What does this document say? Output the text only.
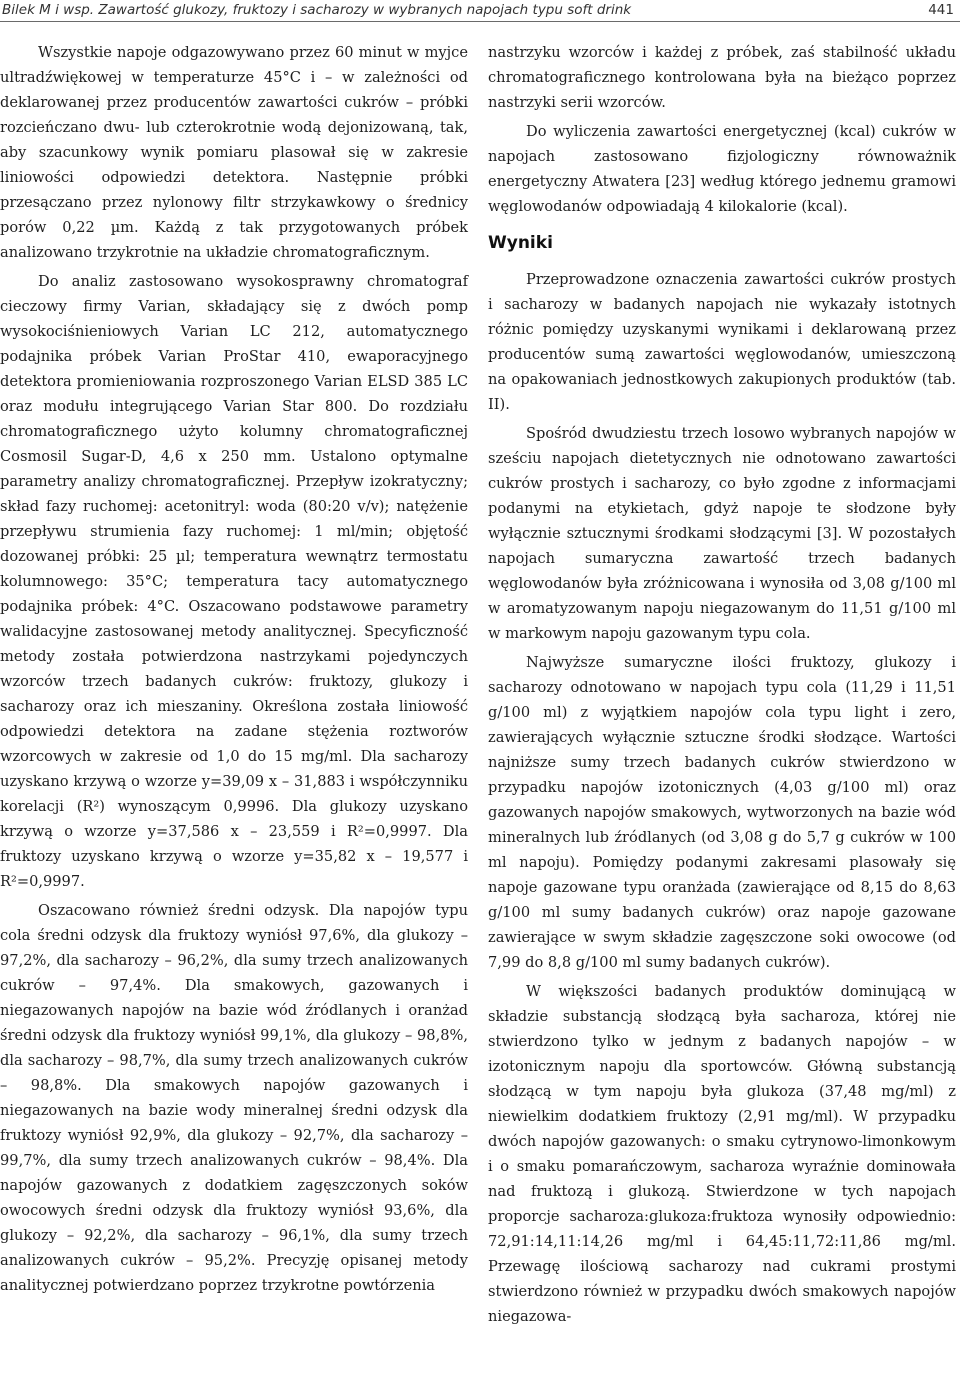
Bilek M i wsp. Zawartość glukozy, fruktozy i sacharozy w wybranych napojach typu soft drink	441

Wszystkie napoje odgazowywano przez 60 minut w myjce ultradźwiękowej w temperaturze 45°C i – w zależności od deklarowanej przez producentów zawartości cukrów – próbki rozcieńczano dwu- lub czterokrotnie wodą dejonizowaną, tak, aby szacunkowy wynik pomiaru plasował się w zakresie liniowości odpowiedzi detektora. Następnie próbki przesączano przez nylonowy filtr strzykawkowy o średnicy porów 0,22 µm. Każdą z tak przygotowanych próbek analizowano trzykrotnie na układzie chromatograficznym.

Do analiz zastosowano wysokosprawny chromatograf cieczowy firmy Varian, składający się z dwóch pomp wysokociśnieniowych Varian LC 212, automatycznego podajnika próbek Varian ProStar 410, ewaporacyjnego detektora promieniowania rozproszonego Varian ELSD 385 LC oraz modułu integrującego Varian Star 800. Do rozdziału chromatograficznego użyto kolumny chromatograficznej Cosmosil Sugar-D, 4,6 x 250 mm. Ustalono optymalne parametry analizy chromatograficznej. Przepływ izokratyczny; skład fazy ruchomej: acetonitryl: woda (80:20 v/v); natężenie przepływu strumienia fazy ruchomej: 1 ml/min; objętość dozowanej próbki: 25 µl; temperatura wewnątrz termostatu kolumnowego: 35°C; temperatura tacy automatycznego podajnika próbek: 4°C. Oszacowano podstawowe parametry walidacyjne zastosowanej metody analitycznej. Specyficzność metody została potwierdzona nastrzykami pojedynczych wzorców trzech badanych cukrów: fruktozy, glukozy i sacharozy oraz ich mieszaniny. Określona została liniowość odpowiedzi detektora na zadane stężenia roztworów wzorcowych w zakresie od 1,0 do 15 mg/ml. Dla sacharozy uzyskano krzywą o wzorze y=39,09 x – 31,883 i współczynniku korelacji (R²) wynoszącym 0,9996. Dla glukozy uzyskano krzywą o wzorze y=37,586 x – 23,559 i R²=0,9997. Dla fruktozy uzyskano krzywą o wzorze y=35,82 x – 19,577 i R²=0,9997.

Oszacowano również średni odzysk. Dla napojów typu cola średni odzysk dla fruktozy wyniósł 97,6%, dla glukozy – 97,2%, dla sacharozy – 96,2%, dla sumy trzech analizowanych cukrów – 97,4%. Dla smakowych, gazowanych i niegazowanych napojów na bazie wód źródlanych i oranżad średni odzysk dla fruktozy wyniósł 99,1%, dla glukozy – 98,8%, dla sacharozy – 98,7%, dla sumy trzech analizowanych cukrów – 98,8%. Dla smakowych napojów gazowanych i niegazowanych na bazie wody mineralnej średni odzysk dla fruktozy wyniósł 92,9%, dla glukozy – 92,7%, dla sacharozy – 99,7%, dla sumy trzech analizowanych cukrów – 98,4%. Dla napojów gazowanych z dodatkiem zagęszczonych soków owocowych średni odzysk dla fruktozy wyniósł 93,6%, dla glukozy – 92,2%, dla sacharozy – 96,1%, dla sumy trzech analizowanych cukrów – 95,2%. Precyzję opisanej metody analitycznej potwierdzano poprzez trzykrotne powtórzenia

nastrzyku wzorców i każdej z próbek, zaś stabilność układu chromatograficznego kontrolowana była na bieżąco poprzez nastrzyki serii wzorców.

Do wyliczenia zawartości energetycznej (kcal) cukrów w napojach zastosowano fizjologiczny równoważnik energetyczny Atwatera [23] według którego jednemu gramowi węglowodanów odpowiadają 4 kilokalorie (kcal).

Wyniki

Przeprowadzone oznaczenia zawartości cukrów prostych i sacharozy w badanych napojach nie wykazały istotnych różnic pomiędzy uzyskanymi wynikami i deklarowaną przez producentów sumą zawartości węglowodanów, umieszczoną na opakowaniach jednostkowych zakupionych produktów (tab. II).

Spośród dwudziestu trzech losowo wybranych napojów w sześciu napojach dietetycznych nie odnotowano zawartości cukrów prostych i sacharozy, co było zgodne z informacjami podanymi na etykietach, gdyż napoje te słodzone były wyłącznie sztucznymi środkami słodzącymi [3]. W pozostałych napojach sumaryczna zawartość trzech badanych węglowodanów była zróżnicowana i wynosiła od 3,08 g/100 ml w aromatyzowanym napoju niegazowanym do 11,51 g/100 ml w markowym napoju gazowanym typu cola.

Najwyższe sumaryczne ilości fruktozy, glukozy i sacharozy odnotowano w napojach typu cola (11,29 i 11,51 g/100 ml) z wyjątkiem napojów cola typu light i zero, zawierających wyłącznie sztuczne środki słodzące. Wartości najniższe sumy trzech badanych cukrów stwierdzono w przypadku napojów izotonicznych (4,03 g/100 ml) oraz gazowanych napojów smakowych, wytworzonych na bazie wód mineralnych lub źródlanych (od 3,08 g do 5,7 g cukrów w 100 ml napoju). Pomiędzy podanymi zakresami plasowały się napoje gazowane typu oranżada (zawierające od 8,15 do 8,63 g/100 ml sumy badanych cukrów) oraz napoje gazowane zawierające w swym składzie zagęszczone soki owocowe (od 7,99 do 8,8 g/100 ml sumy badanych cukrów).

W większości badanych produktów dominującą w składzie substancją słodzącą była sacharoza, której nie stwierdzono tylko w jednym z badanych napojów – w izotonicznym napoju dla sportowców. Główną substancją słodzącą w tym napoju była glukoza (37,48 mg/ml) z niewielkim dodatkiem fruktozy (2,91 mg/ml). W przypadku dwóch napojów gazowanych: o smaku cytrynowo-limonkowym i o smaku pomarańczowym, sacharoza wyraźnie dominowała nad fruktozą i glukozą. Stwierdzone w tych napojach proporcje sacharoza:glukoza:fruktoza wynosiły odpowiednio: 72,91:14,11:14,26 mg/ml i 64,45:11,72:11,86 mg/ml. Przewagę ilościową sacharozy nad cukrami prostymi stwierdzono również w przypadku dwóch smakowych napojów niegazowa-
